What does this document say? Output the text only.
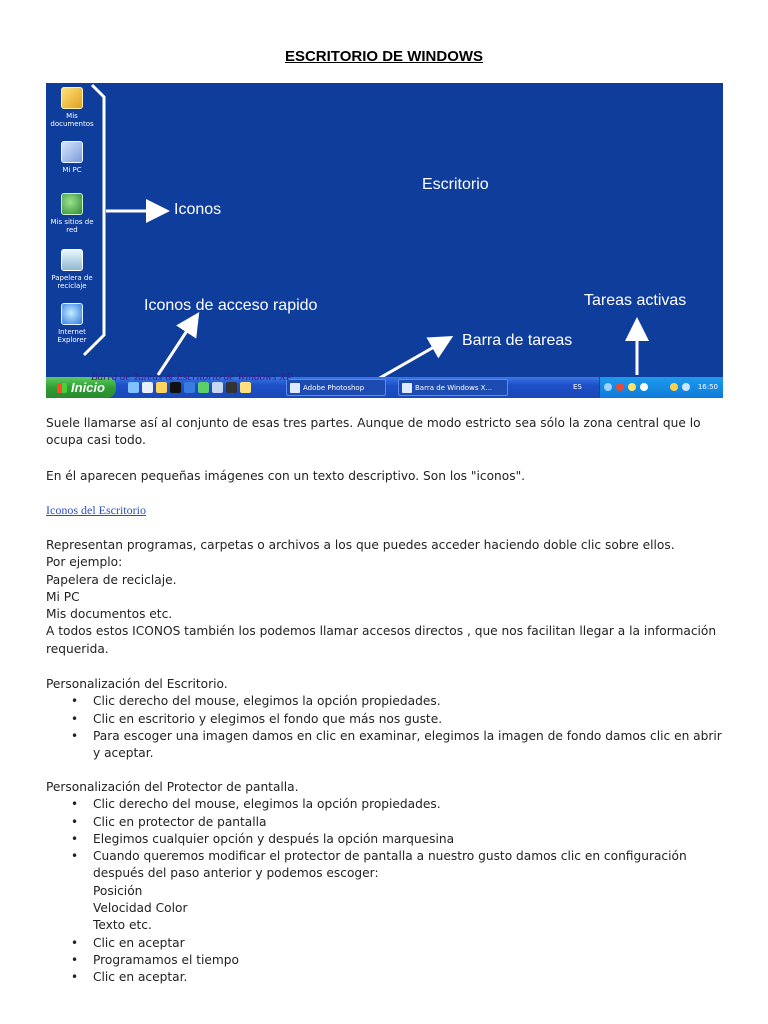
ESCRITORIO DE WINDOWS
Mis documentos
Mi PC
Mis sitios de red
Papelera de reciclaje
Internet Explorer
Iconos
Escritorio
Iconos de acceso rapido
Barra de tareas
Tareas activas
Inicio	Adobe Photoshop	Barra de Windows X...	ES	16:50
Barra de Tareas & Escritorio de Windows XP

Suele llamarse así al conjunto de esas tres partes. Aunque de modo estricto sea sólo la zona central que lo ocupa casi todo.

En él aparecen pequeñas imágenes con un texto descriptivo. Son los "iconos".

Iconos del Escritorio

Representan programas, carpetas o archivos a los que puedes acceder haciendo doble clic sobre ellos.

Por ejemplo:

Papelera de reciclaje.

Mi PC

Mis documentos etc.

A todos estos ICONOS también los podemos llamar accesos directos , que nos facilitan llegar a la información requerida.

Personalización del Escritorio.

• Clic derecho del mouse, elegimos la opción propiedades.
• Clic en escritorio y elegimos el fondo que más nos guste.
• Para escoger una imagen damos en clic en examinar, elegimos la imagen de fondo damos clic en abrir y aceptar.

Personalización del Protector de pantalla.

• Clic derecho del mouse, elegimos la opción propiedades.
• Clic en protector de pantalla
• Elegimos cualquier opción y después la opción marquesina
• Cuando queremos modificar el protector de pantalla a nuestro gusto damos clic en configuración después del paso anterior y podemos escoger:

Posición

Velocidad Color

Texto etc.

• Clic en aceptar
• Programamos el tiempo
• Clic en aceptar.
